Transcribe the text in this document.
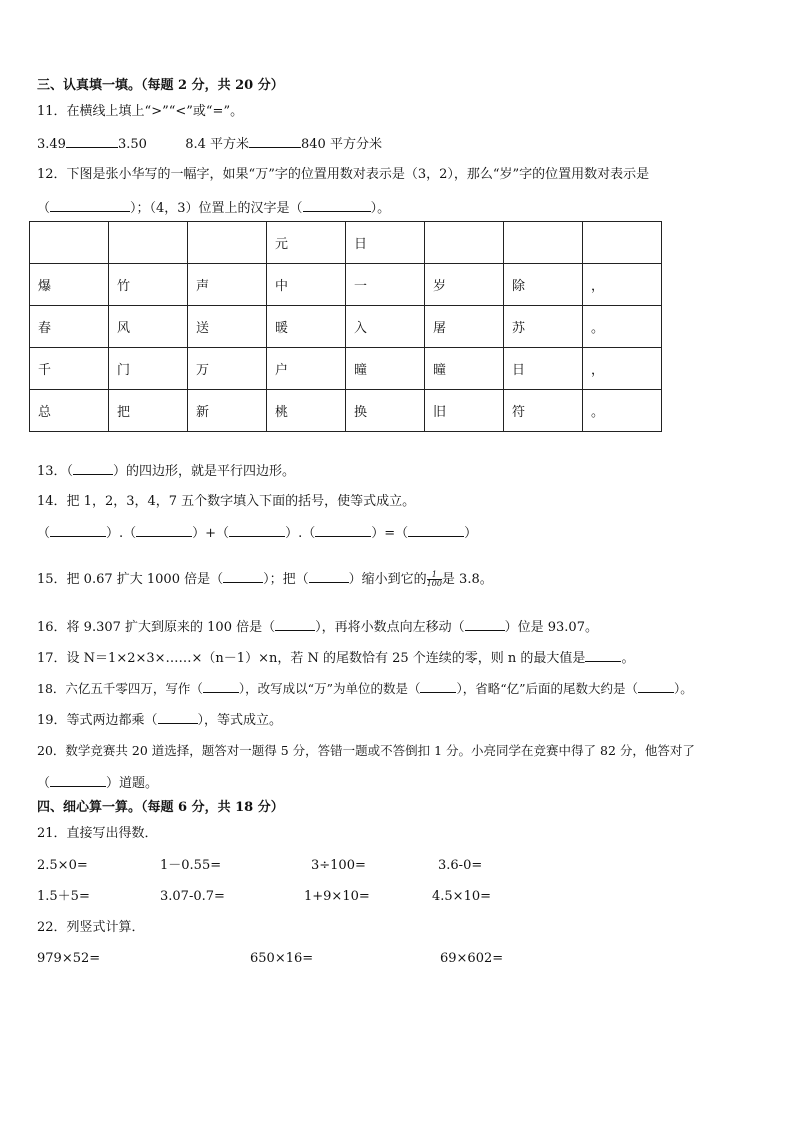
三、认真填一填。（每题 2 分，共 20 分）
11．在横线上填上“>”“<”或“=”。
3.49	3.50	8.4 平方米	840 平方分米
12．下图是张小华写的一幅字，如果“万”字的位置用数对表示是（3，2），那么“岁”字的位置用数对表示是
（	）；（4，3）位置上的汉字是（	）。
			元	日			
爆	竹	声	中	一	岁	除	，
春	风	送	暖	入	屠	苏	。
千	门	万	户	曈	曈	日	，
总	把	新	桃	换	旧	符	。
13．（	）的四边形，就是平行四边形。
14．把 1，2，3，4，7 五个数字填入下面的括号，使等式成立。
（	）.（	）+（	）.（	）=（	）
15．把 0.67 扩大 1000 倍是（	）；把（	）缩小到它的 $\frac{1}{100}$ 是 3.8。
16．将 9.307 扩大到原来的 100 倍是（	），再将小数点向左移动（	）位是 93.07。
17．设 N＝1×2×3×……×（n－1）×n，若 N 的尾数恰有 25 个连续的零，则 n 的最大值是	。
18．六亿五千零四万，写作（	），改写成以“万”为单位的数是（	），省略“亿”后面的尾数大约是（	）。
19．等式两边都乘（	），等式成立。
20．数学竞赛共 20 道选择，题答对一题得 5 分，答错一题或不答倒扣 1 分。小亮同学在竞赛中得了 82 分，他答对了
（	）道题。
四、细心算一算。（每题 6 分，共 18 分）
21．直接写出得数．
2.5×0=	1－0.55=	3÷100=	3.6-0=
1.5＋5=	3.07-0.7=	1+9×10=	4.5×10=
22．列竖式计算．
979×52=	650×16=	69×602=
